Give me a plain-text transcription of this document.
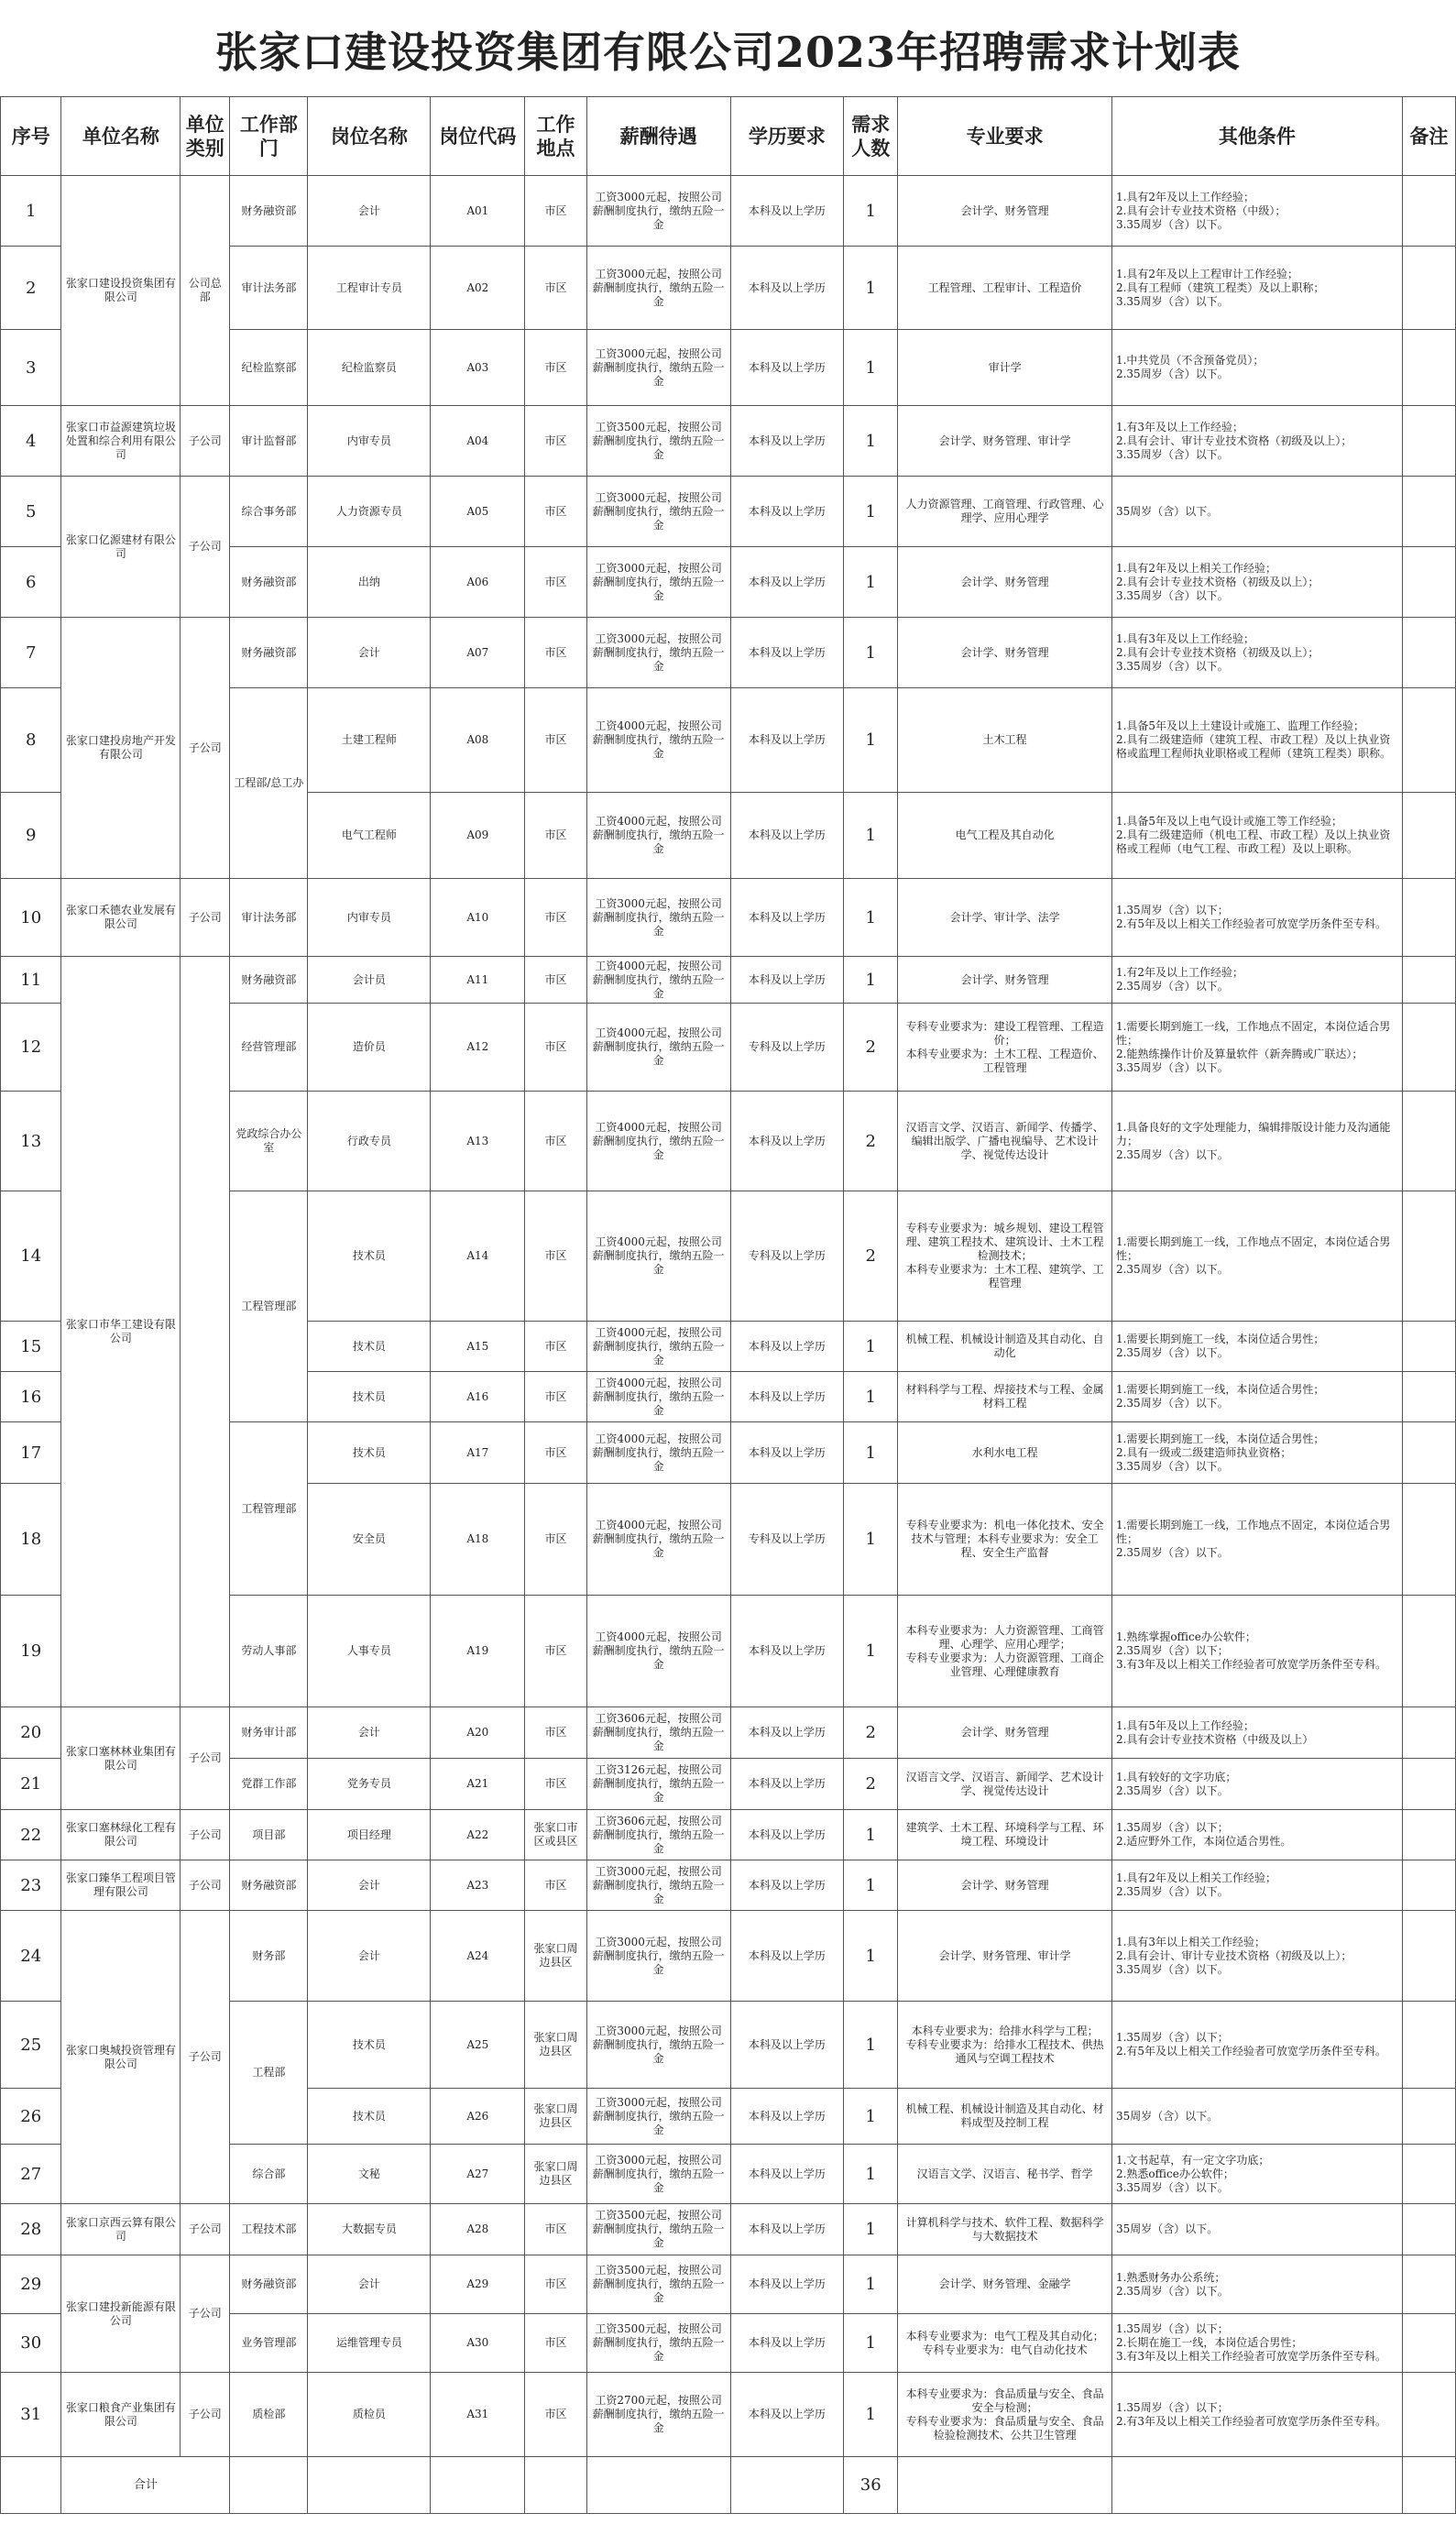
张家口建设投资集团有限公司2023年招聘需求计划表
序号	单位名称	单位类别	工作部门	岗位名称	岗位代码	工作地点	薪酬待遇	学历要求	需求人数	专业要求	其他条件	备注
1	张家口建设投资集团有限公司	公司总部	财务融资部	会计	A01	市区	工资3000元起，按照公司薪酬制度执行，缴纳五险一金	本科及以上学历	1	会计学、财务管理	1.具有2年及以上工作经验；
2.具有会计专业技术资格（中级）；
3.35周岁（含）以下。	
2			审计法务部	工程审计专员	A02	市区	工资3000元起，按照公司薪酬制度执行，缴纳五险一金	本科及以上学历	1	工程管理、工程审计、工程造价	1.具有2年及以上工程审计工作经验；
2.具有工程师（建筑工程类）及以上职称；
3.35周岁（含）以下。	
3			纪检监察部	纪检监察员	A03	市区	工资3000元起，按照公司薪酬制度执行，缴纳五险一金	本科及以上学历	1	审计学	1.中共党员（不含预备党员）；
2.35周岁（含）以下。	
4	张家口市益源建筑垃圾处置和综合利用有限公司	子公司	审计监督部	内审专员	A04	市区	工资3500元起，按照公司薪酬制度执行，缴纳五险一金	本科及以上学历	1	会计学、财务管理、审计学	1.有3年及以上工作经验；
2.具有会计、审计专业技术资格（初级及以上）；
3.35周岁（含）以下。	
5	张家口亿源建材有限公司	子公司	综合事务部	人力资源专员	A05	市区	工资3000元起，按照公司薪酬制度执行，缴纳五险一金	本科及以上学历	1	人力资源管理、工商管理、行政管理、心理学、应用心理学	35周岁（含）以下。	
6			财务融资部	出纳	A06	市区	工资3000元起，按照公司薪酬制度执行，缴纳五险一金	本科及以上学历	1	会计学、财务管理	1.具有2年及以上相关工作经验；
2.具有会计专业技术资格（初级及以上）；
3.35周岁（含）以下。	
7	张家口建投房地产开发有限公司	子公司	财务融资部	会计	A07	市区	工资3000元起，按照公司薪酬制度执行，缴纳五险一金	本科及以上学历	1	会计学、财务管理	1.具有3年及以上工作经验；
2.具有会计专业技术资格（初级及以上）；
3.35周岁（含）以下。	
8			工程部/总工办	土建工程师	A08	市区	工资4000元起，按照公司薪酬制度执行，缴纳五险一金	本科及以上学历	1	土木工程	1.具备5年及以上土建设计或施工、监理工作经验；
2.具有二级建造师（建筑工程、市政工程）及以上执业资格或监理工程师执业职格或工程师（建筑工程类）职称。	
9				电气工程师	A09	市区	工资4000元起，按照公司薪酬制度执行，缴纳五险一金	本科及以上学历	1	电气工程及其自动化	1.具备5年及以上电气设计或施工等工作经验；
2.具有二级建造师（机电工程、市政工程）及以上执业资格或工程师（电气工程、市政工程）及以上职称。	
10	张家口禾德农业发展有限公司	子公司	审计法务部	内审专员	A10	市区	工资3000元起，按照公司薪酬制度执行，缴纳五险一金	本科及以上学历	1	会计学、审计学、法学	1.35周岁（含）以下；
2.有5年及以上相关工作经验者可放宽学历条件至专科。	
11	张家口市华工建设有限公司		财务融资部	会计员	A11	市区	工资4000元起，按照公司薪酬制度执行，缴纳五险一金	本科及以上学历	1	会计学、财务管理	1.有2年及以上工作经验；
2.35周岁（含）以下。	
12			经营管理部	造价员	A12	市区	工资4000元起，按照公司薪酬制度执行，缴纳五险一金	专科及以上学历	2	专科专业要求为：建设工程管理、工程造价；
本科专业要求为：土木工程、工程造价、工程管理	1.需要长期到施工一线，工作地点不固定，本岗位适合男性；
2.能熟练操作计价及算量软件（新奔腾或广联达）；
3.35周岁（含）以下。	
13			党政综合办公室	行政专员	A13	市区	工资4000元起，按照公司薪酬制度执行，缴纳五险一金	本科及以上学历	2	汉语言文学、汉语言、新闻学、传播学、编辑出版学、广播电视编导、艺术设计学、视觉传达设计	1.具备良好的文字处理能力，编辑排版设计能力及沟通能力；
2.35周岁（含）以下。	
14			工程管理部	技术员	A14	市区	工资4000元起，按照公司薪酬制度执行，缴纳五险一金	专科及以上学历	2	专科专业要求为：城乡规划、建设工程管理、建筑工程技术、建筑设计、土木工程检测技术；
本科专业要求为：土木工程、建筑学、工程管理	1.需要长期到施工一线，工作地点不固定，本岗位适合男性；
2.35周岁（含）以下。	
15				技术员	A15	市区	工资4000元起，按照公司薪酬制度执行，缴纳五险一金	本科及以上学历	1	机械工程、机械设计制造及其自动化、自动化	1.需要长期到施工一线，本岗位适合男性；
2.35周岁（含）以下。	
16				技术员	A16	市区	工资4000元起，按照公司薪酬制度执行，缴纳五险一金	本科及以上学历	1	材料科学与工程、焊接技术与工程、金属材料工程	1.需要长期到施工一线，本岗位适合男性；
2.35周岁（含）以下。	
17			工程管理部	技术员	A17	市区	工资4000元起，按照公司薪酬制度执行，缴纳五险一金	本科及以上学历	1	水利水电工程	1.需要长期到施工一线，本岗位适合男性；
2.具有一级或二级建造师执业资格；
3.35周岁（含）以下。	
18				安全员	A18	市区	工资4000元起，按照公司薪酬制度执行，缴纳五险一金	专科及以上学历	1	专科专业要求为：机电一体化技术、安全技术与管理；本科专业要求为：安全工程、安全生产监督	1.需要长期到施工一线，工作地点不固定，本岗位适合男性；
2.35周岁（含）以下。	
19			劳动人事部	人事专员	A19	市区	工资4000元起，按照公司薪酬制度执行，缴纳五险一金	本科及以上学历	1	本科专业要求为：人力资源管理、工商管理、心理学、应用心理学；
专科专业要求为：人力资源管理、工商企业管理、心理健康教育	1.熟练掌握office办公软件；
2.35周岁（含）以下；
3.有3年及以上相关工作经验者可放宽学历条件至专科。	
20	张家口塞林林业集团有限公司	子公司	财务审计部	会计	A20	市区	工资3606元起，按照公司薪酬制度执行，缴纳五险一金	本科及以上学历	2	会计学、财务管理	1.具有5年及以上工作经验；
2.具有会计专业技术资格（中级及以上）	
21			党群工作部	党务专员	A21	市区	工资3126元起，按照公司薪酬制度执行，缴纳五险一金	本科及以上学历	2	汉语言文学、汉语言、新闻学、艺术设计学、视觉传达设计	1.具有较好的文字功底；
2.35周岁（含）以下。	
22	张家口塞林绿化工程有限公司	子公司	项目部	项目经理	A22	张家口市区或县区	工资3606元起，按照公司薪酬制度执行，缴纳五险一金	本科及以上学历	1	建筑学、土木工程、环境科学与工程、环境工程、环境设计	1.35周岁（含）以下；
2.适应野外工作，本岗位适合男性。	
23	张家口臻华工程项目管理有限公司	子公司	财务融资部	会计	A23	市区	工资3000元起，按照公司薪酬制度执行，缴纳五险一金	本科及以上学历	1	会计学、财务管理	1.具有2年及以上相关工作经验；
2.35周岁（含）以下。	
24	张家口奥城投资管理有限公司	子公司	财务部	会计	A24	张家口周边县区	工资3000元起，按照公司薪酬制度执行，缴纳五险一金	本科及以上学历	1	会计学、财务管理、审计学	1.具有3年以上相关工作经验；
2.具有会计、审计专业技术资格（初级及以上）；
3.35周岁（含）以下。	
25			工程部	技术员	A25	张家口周边县区	工资3000元起，按照公司薪酬制度执行，缴纳五险一金	本科及以上学历	1	本科专业要求为：给排水科学与工程；
专科专业要求为：给排水工程技术、供热通风与空调工程技术	1.35周岁（含）以下；
2.有5年及以上相关工作经验者可放宽学历条件至专科。	
26				技术员	A26	张家口周边县区	工资3000元起，按照公司薪酬制度执行，缴纳五险一金	本科及以上学历	1	机械工程、机械设计制造及其自动化、材料成型及控制工程	35周岁（含）以下。	
27			综合部	文秘	A27	张家口周边县区	工资3000元起，按照公司薪酬制度执行，缴纳五险一金	本科及以上学历	1	汉语言文学、汉语言、秘书学、哲学	1.文书起草，有一定文字功底；
2.熟悉office办公软件；
3.35周岁（含）以下。	
28	张家口京西云算有限公司	子公司	工程技术部	大数据专员	A28	市区	工资3500元起，按照公司薪酬制度执行，缴纳五险一金	本科及以上学历	1	计算机科学与技术、软件工程、数据科学与大数据技术	35周岁（含）以下。	
29	张家口建投新能源有限公司	子公司	财务融资部	会计	A29	市区	工资3500元起，按照公司薪酬制度执行，缴纳五险一金	本科及以上学历	1	会计学、财务管理、金融学	1.熟悉财务办公系统；
2.35周岁（含）以下。	
30			业务管理部	运维管理专员	A30	市区	工资3500元起，按照公司薪酬制度执行，缴纳五险一金	本科及以上学历	1	本科专业要求为：电气工程及其自动化；
专科专业要求为：电气自动化技术	1.35周岁（含）以下；
2.长期在施工一线，本岗位适合男性；
3.有3年及以上相关工作经验者可放宽学历条件至专科。	
31	张家口粮食产业集团有限公司	子公司	质检部	质检员	A31	市区	工资2700元起，按照公司薪酬制度执行，缴纳五险一金	本科及以上学历	1	本科专业要求为：食品质量与安全、食品安全与检测；
专科专业要求为：食品质量与安全、食品检验检测技术、公共卫生管理	1.35周岁（含）以下；
2.有3年及以上相关工作经验者可放宽学历条件至专科。	
	合计								36			
